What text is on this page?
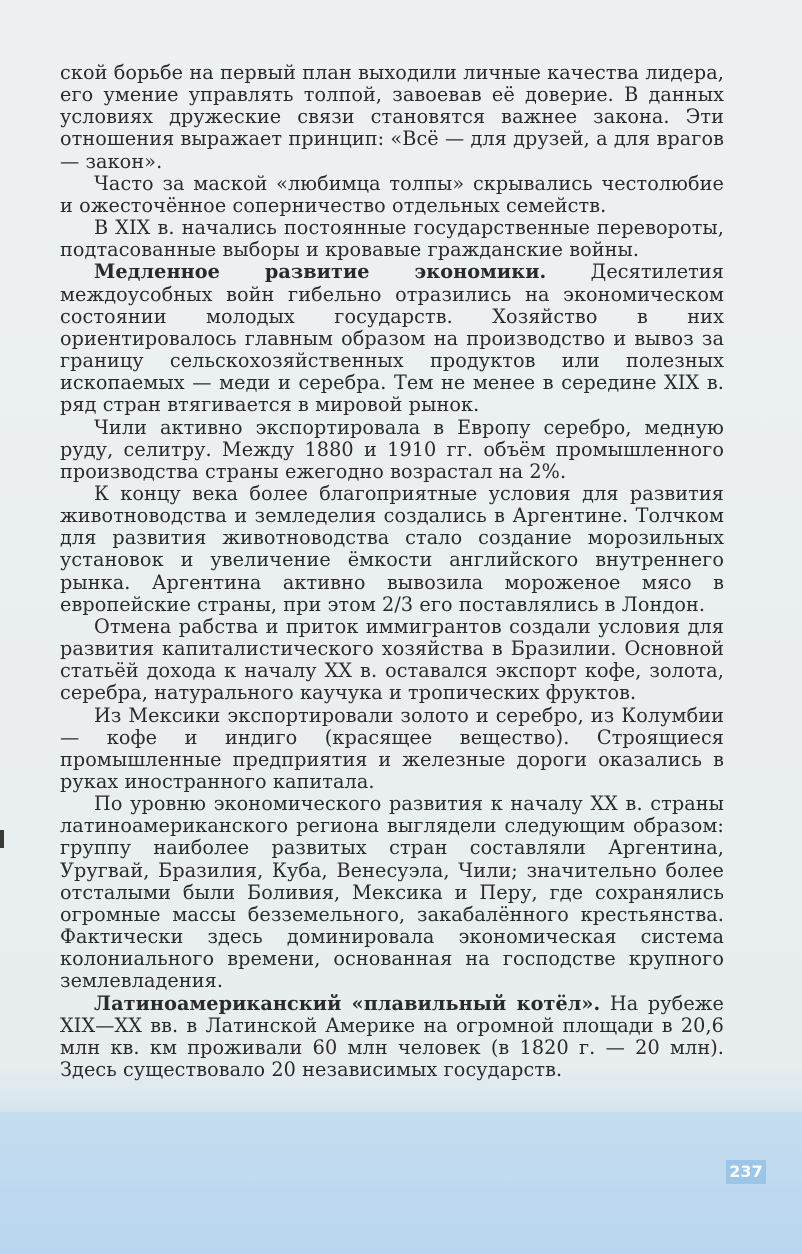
ской борьбе на первый план выходили личные качества лидера, его умение управлять толпой, завоевав её доверие. В данных условиях дружеские связи становятся важнее закона. Эти отношения выражает принцип: «Всё — для друзей, а для врагов — закон».

Часто за маской «любимца толпы» скрывались честолюбие и ожесточённое соперничество отдельных семейств.

В XIX в. начались постоянные государственные перевороты, подтасованные выборы и кровавые гражданские войны.

Медленное развитие экономики. Десятилетия междоусобных войн гибельно отразились на экономическом состоянии молодых государств. Хозяйство в них ориентировалось главным образом на производство и вывоз за границу сельскохозяйственных продуктов или полезных ископаемых — меди и серебра. Тем не менее в середине XIX в. ряд стран втягивается в мировой рынок.

Чили активно экспортировала в Европу серебро, медную руду, селитру. Между 1880 и 1910 гг. объём промышленного производства страны ежегодно возрастал на 2%.

К концу века более благоприятные условия для развития животноводства и земледелия создались в Аргентине. Толчком для развития животноводства стало создание морозильных установок и увеличение ёмкости английского внутреннего рынка. Аргентина активно вывозила мороженое мясо в европейские страны, при этом 2/3 его поставлялись в Лондон.

Отмена рабства и приток иммигрантов создали условия для развития капиталистического хозяйства в Бразилии. Основной статьёй дохода к началу XX в. оставался экспорт кофе, золота, серебра, натурального каучука и тропических фруктов.

Из Мексики экспортировали золото и серебро, из Колумбии — кофе и индиго (красящее вещество). Строящиеся промышленные предприятия и железные дороги оказались в руках иностранного капитала.

По уровню экономического развития к началу XX в. страны латиноамериканского региона выглядели следующим образом: группу наиболее развитых стран составляли Аргентина, Уругвай, Бразилия, Куба, Венесуэла, Чили; значительно более отсталыми были Боливия, Мексика и Перу, где сохранялись огромные массы безземельного, закабалённого крестьянства. Фактически здесь доминировала экономическая система колониального времени, основанная на господстве крупного землевладения.

Латиноамериканский «плавильный котёл». На рубеже XIX—XX вв. в Латинской Америке на огромной площади в 20,6 млн кв. км проживали 60 млн человек (в 1820 г. — 20 млн). Здесь существовало 20 независимых государств.

237
